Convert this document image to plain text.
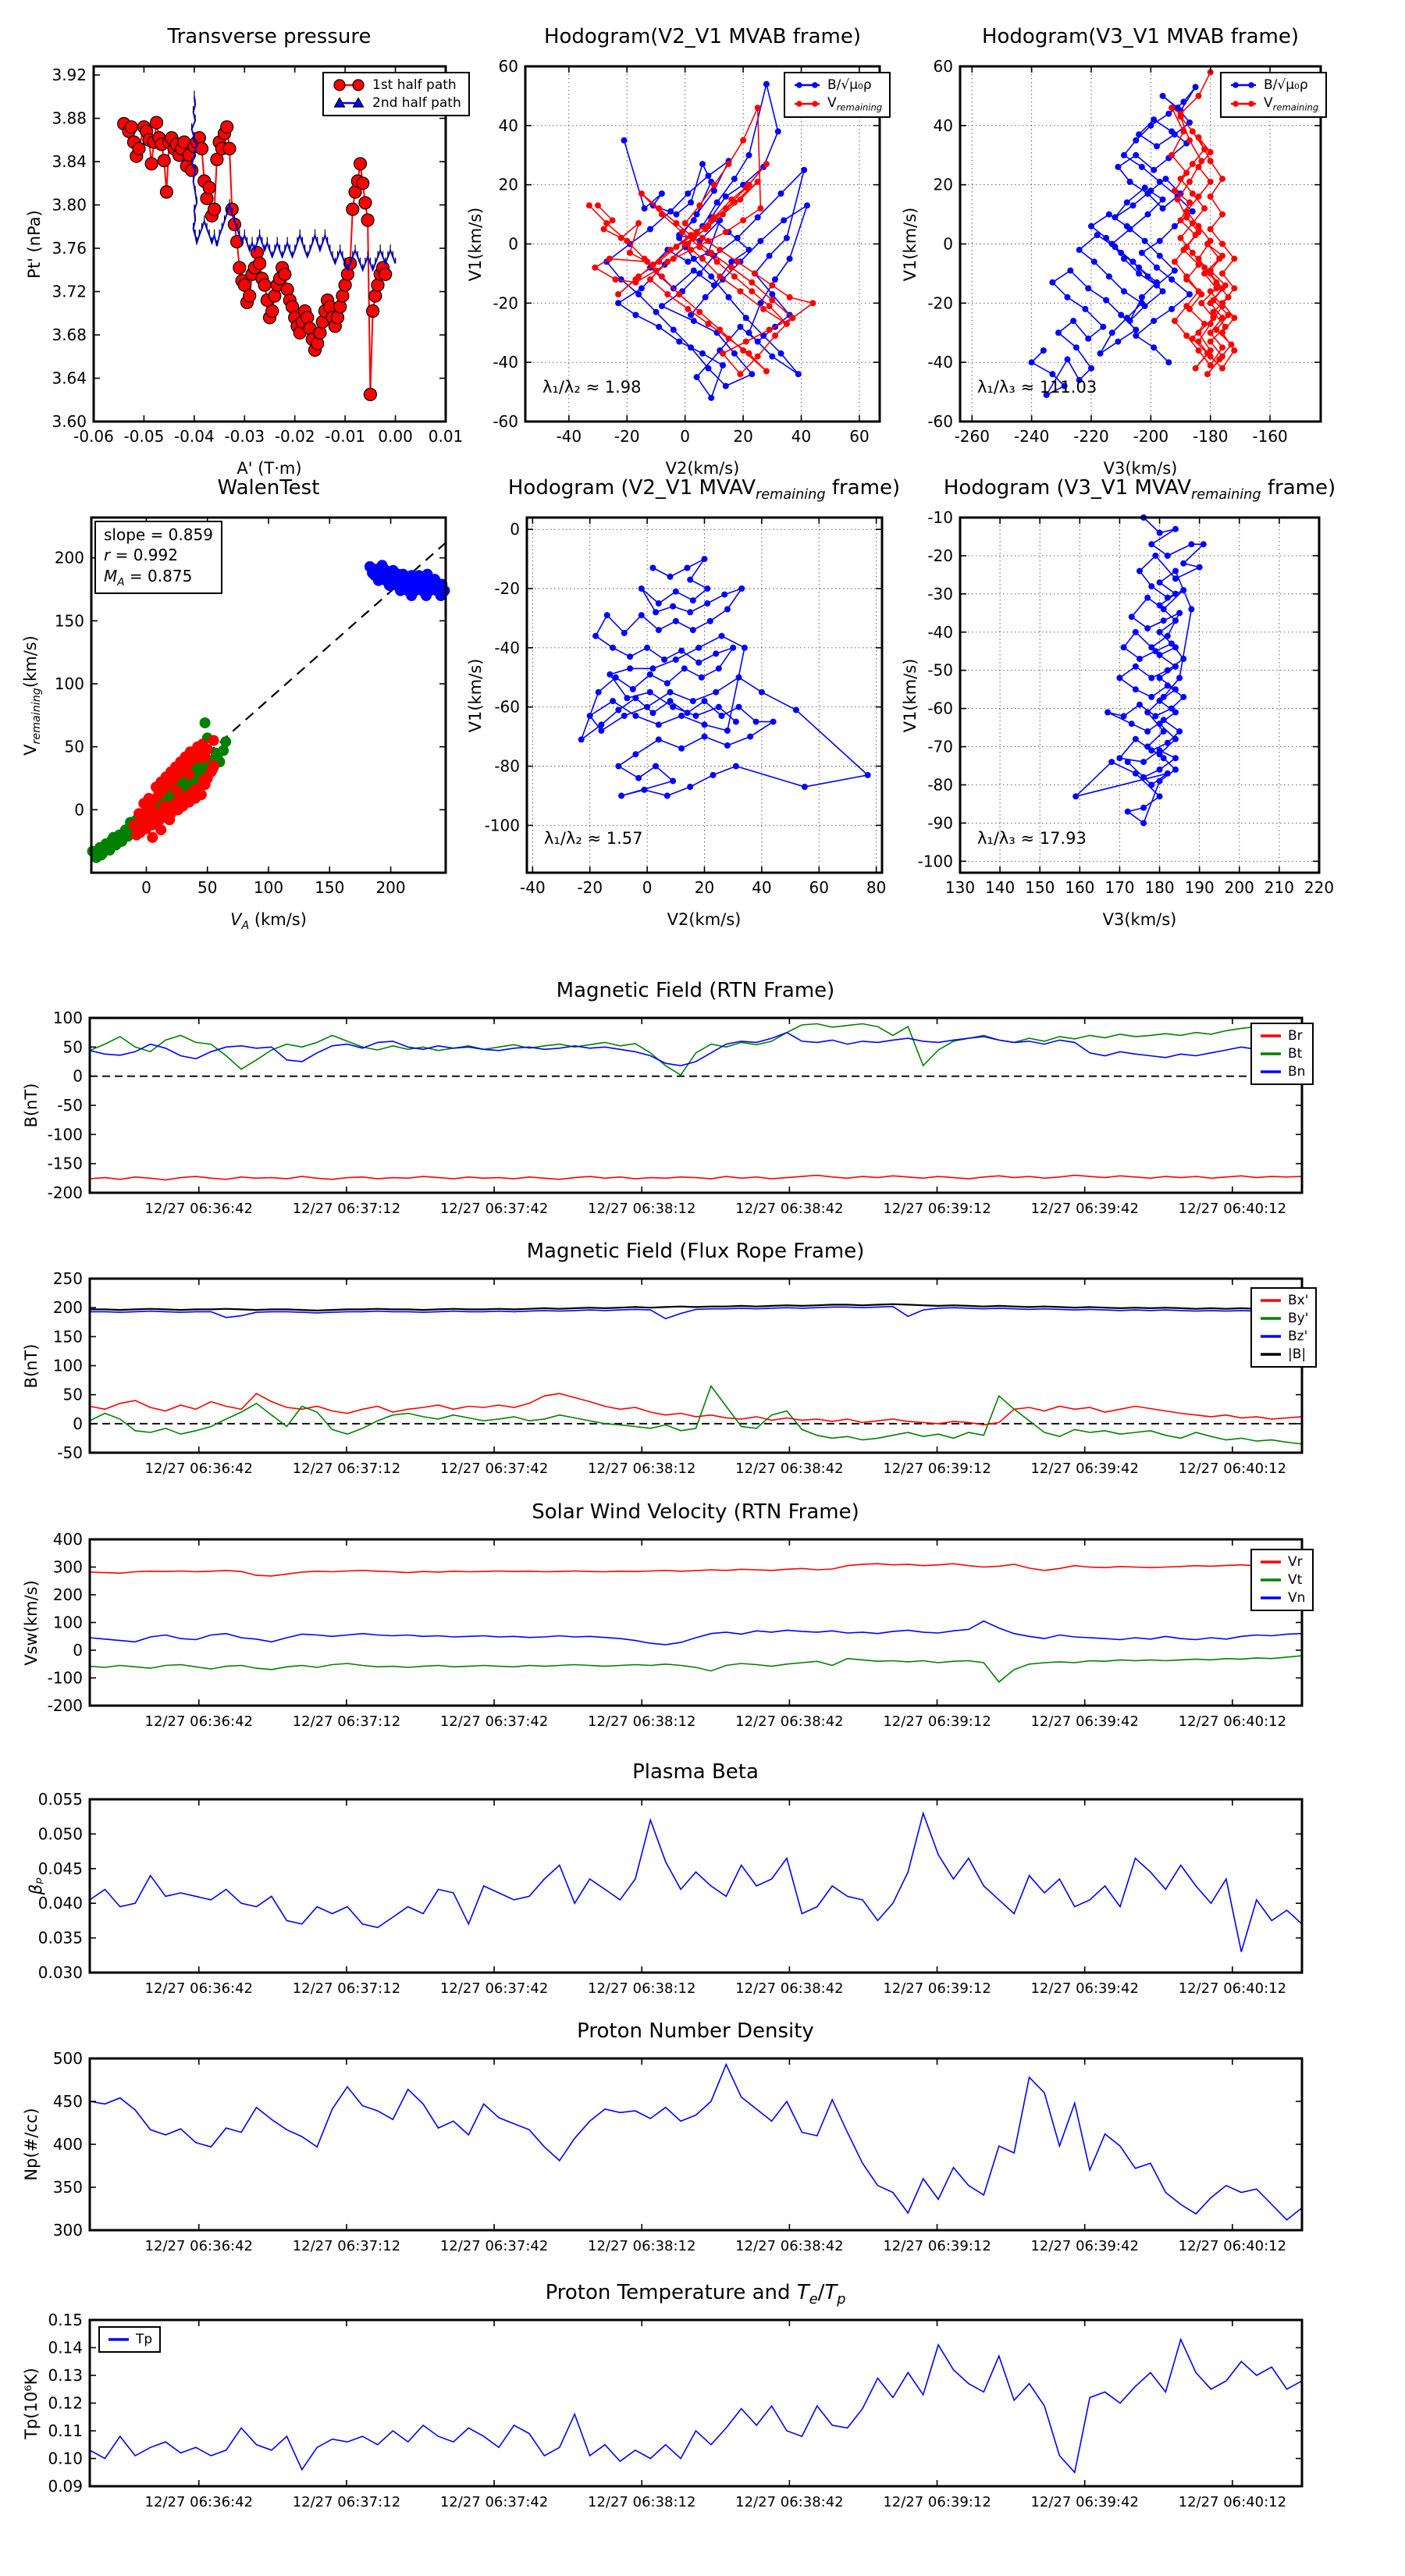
Transverse pressure
Pt' (nPa)
A' (T·m)
-0.06 -0.05 -0.04 -0.03 -0.02 -0.01 0.00 0.01
3.60
3.64
3.68
3.72
3.76
3.80
3.84
3.88
3.92
1st half path
2nd half path
Hodogram(V2_V1 MVAB frame)
V1(km/s)
V2(km/s)
-40 -20	0	20 40 60
60
40
20
0
-20
-40
-60
B/√μ₀ρ
$V_{remaining}$
λ₁/λ₂ ≈ 1.98
Hodogram(V3_V1 MVAB frame)
V1(km/s)
V3(km/s)
-260 -240 -220 -200 -180 -160
60
40
20
0
-20
-40
-60
B/√μ₀ρ
$V_{remaining}$
λ₁/λ₃ ≈ 111.03
WalenTest
$V_{remaining}(km/s)$
$V_A$ (km/s)
0	50 100 150 200
0
50
100
150
200
slope = 0.859
r = 0.992
$M_A = 0.875$
Hodogram (V2_V1 $MVAV_{remaining}$ frame)
V1(km/s)
V2(km/s)
-40 -20	0	20 40 60 80
0
-20
-40
-60
-80
-100
λ₁/λ₂ ≈ 1.57
Hodogram (V3_V1 $MVAV_{remaining}$ frame)
V1(km/s)
V3(km/s)
130 140 150 160 170 180 190 200 210 220
-10
-20
-30
-40
-50
-60
-70
-80
-90
-100
λ₁/λ₃ ≈ 17.93
Magnetic Field (RTN Frame)
B(nT)
12/27 06:36:42	12/27 06:37:12	12/27 06:37:42	12/27 06:38:12	12/27 06:38:42	12/27 06:39:12	12/27 06:39:42	12/27 06:40:12
100
50
0
-50
-100
-150
-200
Br
Bt
Bn
Magnetic Field (Flux Rope Frame)
B(nT)
12/27 06:36:42	12/27 06:37:12	12/27 06:37:42	12/27 06:38:12	12/27 06:38:42	12/27 06:39:12	12/27 06:39:42	12/27 06:40:12
250
200
150
100
50
0
-50
Bx'
By'
Bz'
|B|
Solar Wind Velocity (RTN Frame)
Vsw(km/s)
12/27 06:36:42	12/27 06:37:12	12/27 06:37:42	12/27 06:38:12	12/27 06:38:42	12/27 06:39:12	12/27 06:39:42	12/27 06:40:12
400
300
200
100
0
-100
-200
Vr
Vt
Vn
Plasma Beta
βₚ
12/27 06:36:42	12/27 06:37:12	12/27 06:37:42	12/27 06:38:12	12/27 06:38:42	12/27 06:39:12	12/27 06:39:42	12/27 06:40:12
0.055
0.050
0.045
0.040
0.035
0.030
Proton Number Density
Np(#/cc)
12/27 06:36:42	12/27 06:37:12	12/27 06:37:42	12/27 06:38:12	12/27 06:38:42	12/27 06:39:12	12/27 06:39:42	12/27 06:40:12
500
450
400
350
300
Proton Temperature and $T_e/T_p$
Tp(10⁶K)
12/27 06:36:42	12/27 06:37:12	12/27 06:37:42	12/27 06:38:12	12/27 06:38:42	12/27 06:39:12	12/27 06:39:42	12/27 06:40:12
0.15
0.14
0.13
0.12
0.11
0.10
0.09
Tp
